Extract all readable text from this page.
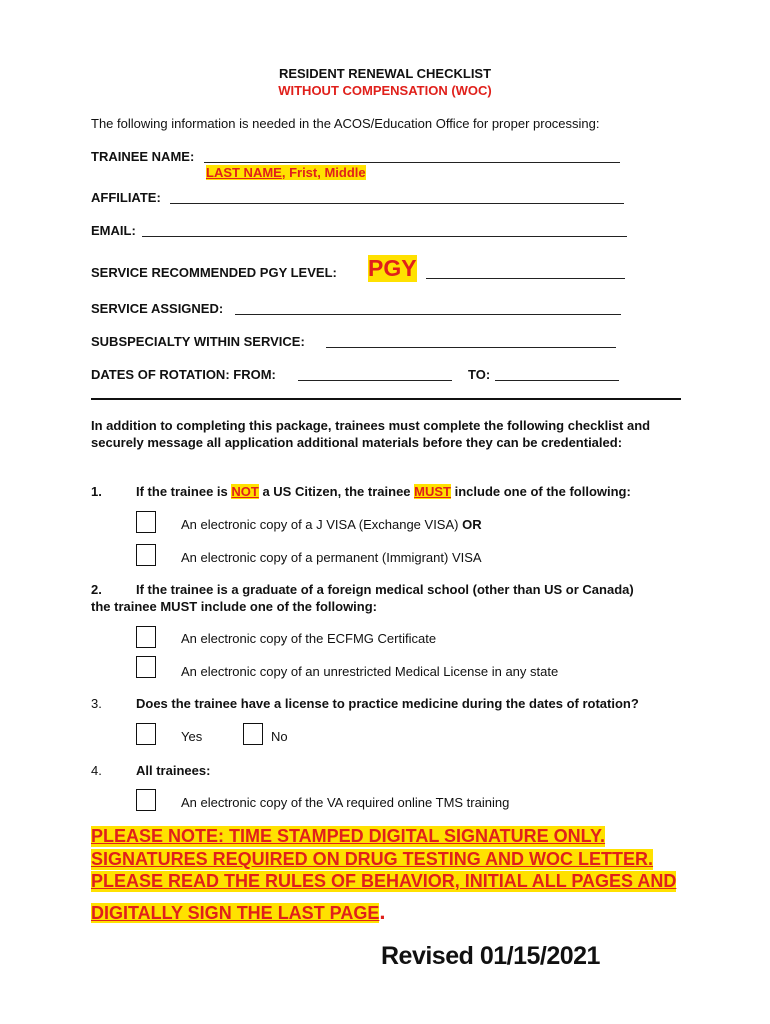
RESIDENT RENEWAL CHECKLIST
WITHOUT COMPENSATION (WOC)
The following information is needed in the ACOS/Education Office for proper processing:
TRAINEE NAME:
LAST NAME, Frist, Middle
AFFILIATE:
EMAIL:
SERVICE RECOMMENDED PGY LEVEL: PGY
SERVICE ASSIGNED:
SUBSPECIALTY WITHIN SERVICE:
DATES OF ROTATION: FROM:	TO:
In addition to completing this package, trainees must complete the following checklist and securely message all application additional materials before they can be credentialed:
1.	If the trainee is NOT a US Citizen, the trainee MUST include one of the following:
An electronic copy of a J VISA (Exchange VISA) OR
An electronic copy of a permanent (Immigrant) VISA
2.	If the trainee is a graduate of a foreign medical school (other than US or Canada)
the trainee MUST include one of the following:
An electronic copy of the ECFMG Certificate
An electronic copy of an unrestricted Medical License in any state
3.	Does the trainee have a license to practice medicine during the dates of rotation?
Yes	No
4.	All trainees:
An electronic copy of the VA required online TMS training
PLEASE NOTE: TIME STAMPED DIGITAL SIGNATURE ONLY.
SIGNATURES REQUIRED ON DRUG TESTING AND WOC LETTER.
PLEASE READ THE RULES OF BEHAVIOR, INITIAL ALL PAGES AND
DIGITALLY SIGN THE LAST PAGE.
Revised 01/15/2021
